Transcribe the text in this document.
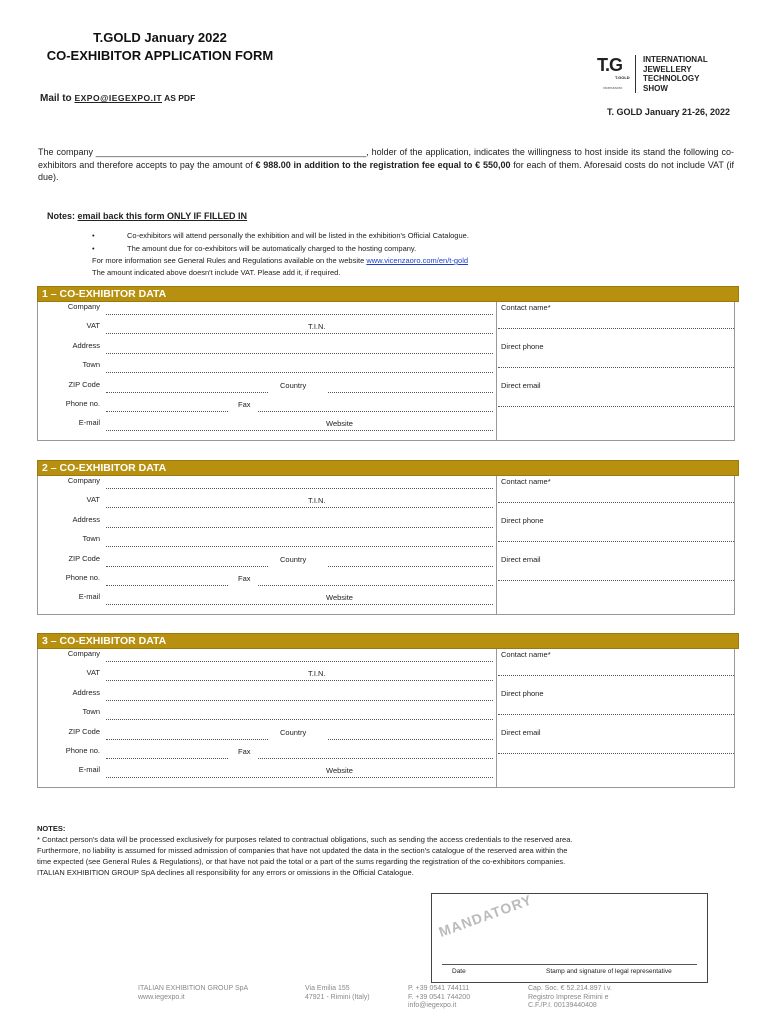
T.GOLD January 2022
CO-EXHIBITOR APPLICATION FORM
Mail to EXPO@IEGEXPO.IT AS PDF
T.G
T.GOLD
vicenzaoro
INTERNATIONAL
JEWELLERY
TECHNOLOGY
SHOW
T. GOLD January 21-26, 2022
The company ______________________________________________________, holder of the application, indicates the willingness to host inside its stand the following co-exhibitors and therefore accepts to pay the amount of € 988.00 in addition to the registration fee equal to € 550,00 for each of them. Aforesaid costs do not include VAT (if due).
Notes: email back this form ONLY IF FILLED IN
•	Co-exhibitors will attend personally the exhibition and will be listed in the exhibition's Official Catalogue.
•	The amount due for co-exhibitors will be automatically charged to the hosting company.
For more information see General Rules and Regulations available on the website www.vicenzaoro.com/en/t-gold
The amount indicated above doesn't include VAT. Please add it, if required.
1 – CO-EXHIBITOR DATA
Company
VAT	T.I.N.
Address
Town
ZIP Code	Country
Phone no.	Fax
E-mail	Website
Contact name*
Direct phone
Direct email
2 – CO-EXHIBITOR DATA
Company
VAT	T.I.N.
Address
Town
ZIP Code	Country
Phone no.	Fax
E-mail	Website
Contact name*
Direct phone
Direct email
3 – CO-EXHIBITOR DATA
Company
VAT	T.I.N.
Address
Town
ZIP Code	Country
Phone no.	Fax
E-mail	Website
Contact name*
Direct phone
Direct email
NOTES:
* Contact person's data will be processed exclusively for purposes related to contractual obligations, such as sending the access credentials to the reserved area.
Furthermore, no liability is assumed for missed admission of companies that have not updated the data in the section's catalogue of the reserved area within the
time expected (see General Rules & Regulations), or that have not paid the total or a part of the sums regarding the registration of the co-exhibitors companies.
ITALIAN EXHIBITION GROUP SpA declines all responsibility for any errors or omissions in the Official Catalogue.
MANDATORY
Date	Stamp and signature of legal representative
ITALIAN EXHIBITION GROUP SpA
www.iegexpo.it
Via Emilia 155
47921 - Rimini (Italy)
P. +39 0541 744111
F. +39 0541 744200
info@iegexpo.it
Cap. Soc. € 52.214.897 i.v.
Registro Imprese Rimini e
C.F./P.I. 00139440408
